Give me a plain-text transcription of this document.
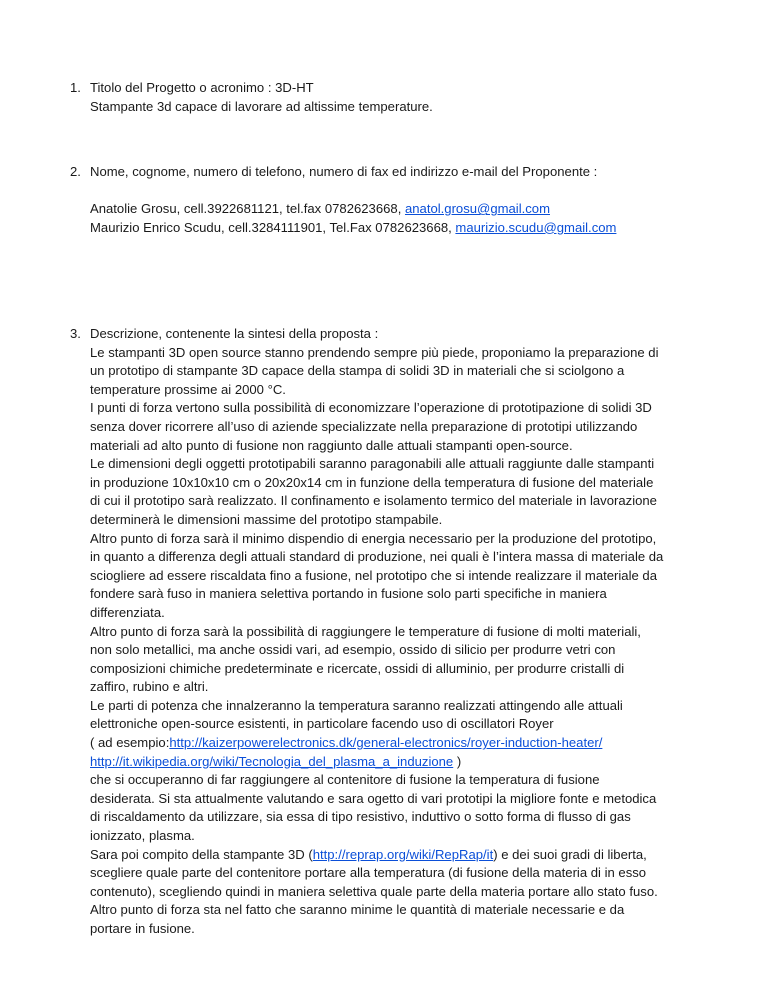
1. Titolo del Progetto o acronimo : 3D-HT
Stampante 3d capace di lavorare ad altissime temperature.
2. Nome, cognome, numero di telefono, numero di fax ed indirizzo e-mail del Proponente :
Anatolie Grosu, cell.3922681121, tel.fax 0782623668, anatol.grosu@gmail.com
Maurizio Enrico Scudu, cell.3284111901, Tel.Fax 0782623668, maurizio.scudu@gmail.com
3. Descrizione, contenente la sintesi della proposta :
Le stampanti 3D open source stanno prendendo sempre più piede, proponiamo la preparazione di
un prototipo di stampante 3D capace della stampa di solidi 3D in materiali che si sciolgono a
temperature prossime ai 2000 °C.
I punti di forza vertono sulla possibilità di economizzare l’operazione di prototipazione di solidi 3D
senza dover ricorrere all’uso di aziende specializzate nella preparazione di prototipi utilizzando
materiali ad alto punto di fusione non raggiunto dalle attuali stampanti open-source.
Le dimensioni degli oggetti prototipabili saranno paragonabili alle attuali raggiunte dalle stampanti
in produzione 10x10x10 cm o 20x20x14 cm in funzione della temperatura di fusione del materiale
di cui il prototipo sarà realizzato. Il confinamento e isolamento termico del materiale in lavorazione
determinerà le dimensioni massime del prototipo stampabile.
Altro punto di forza sarà il minimo dispendio di energia necessario per la produzione del prototipo,
in quanto a differenza degli attuali standard di produzione, nei quali è l’intera massa di materiale da
sciogliere ad essere riscaldata fino a fusione, nel prototipo che si intende realizzare il materiale da
fondere sarà fuso in maniera selettiva portando in fusione solo parti specifiche in maniera
differenziata.
Altro punto di forza sarà la possibilità di raggiungere le temperature di fusione di molti materiali,
non solo metallici, ma anche ossidi vari, ad esempio, ossido di silicio per produrre vetri con
composizioni chimiche predeterminate e ricercate, ossidi di alluminio, per produrre cristalli di
zaffiro, rubino e altri.
Le parti di potenza che innalzeranno la temperatura saranno realizzati attingendo alle attuali
elettroniche open-source esistenti, in particolare facendo uso di oscillatori Royer
( ad esempio:http://kaizerpowerelectronics.dk/general-electronics/royer-induction-heater/
http://it.wikipedia.org/wiki/Tecnologia_del_plasma_a_induzione )
che si occuperanno di far raggiungere al contenitore di fusione la temperatura di fusione
desiderata. Si sta attualmente valutando e sara ogetto di vari prototipi la migliore fonte e metodica
di riscaldamento da utilizzare, sia essa di tipo resistivo, induttivo o sotto forma di flusso di gas
ionizzato, plasma.
Sara poi compito della stampante 3D (http://reprap.org/wiki/RepRap/it) e dei suoi gradi di liberta,
scegliere quale parte del contenitore portare alla temperatura (di fusione della materia di in esso
contenuto), scegliendo quindi in maniera selettiva quale parte della materia portare allo stato fuso.
Altro punto di forza sta nel fatto che saranno minime le quantità di materiale necessarie e da
portare in fusione.
